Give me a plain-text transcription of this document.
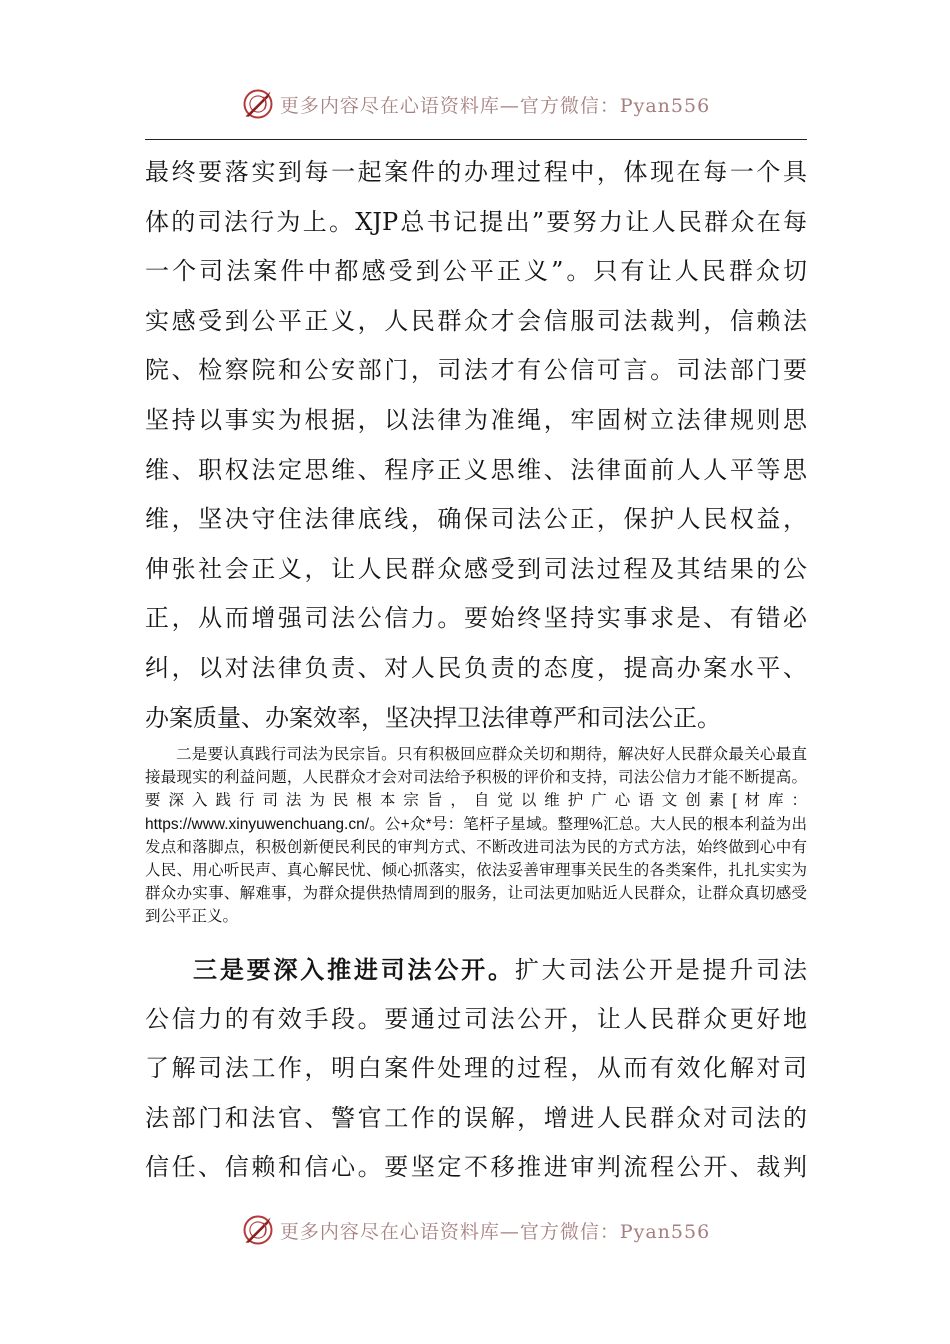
更多内容尽在心语资料库—官方微信：Pyan556
最终要落实到每一起案件的办理过程中，体现在每一个具
体的司法行为上。XJP总书记提出”要努力让人民群众在每
一个司法案件中都感受到公平正义”。只有让人民群众切
实感受到公平正义，人民群众才会信服司法裁判，信赖法
院、检察院和公安部门，司法才有公信可言。司法部门要
坚持以事实为根据，以法律为准绳，牢固树立法律规则思
维、职权法定思维、程序正义思维、法律面前人人平等思
维，坚决守住法律底线，确保司法公正，保护人民权益，
伸张社会正义，让人民群众感受到司法过程及其结果的公
正，从而增强司法公信力。要始终坚持实事求是、有错必
纠，以对法律负责、对人民负责的态度，提高办案水平、
办案质量、办案效率，坚决捍卫法律尊严和司法公正。
二是要认真践行司法为民宗旨。只有积极回应群众关切和期待，解决好人民群众最关心最直接最现实的利益问题，人民群众才会对司法给予积极的评价和支持，司法公信力才能不断提高。要深入践行司法为民根本宗旨，自觉以维护广心语文创素[材库：https://www.xinyuwenchuang.cn/。公+众*号：笔杆子星域。整理%汇总。大人民的根本利益为出发点和落脚点，积极创新便民利民的审判方式、不断改进司法为民的方式方法，始终做到心中有人民、用心听民声、真心解民忧、倾心抓落实，依法妥善审理事关民生的各类案件，扎扎实实为群众办实事、解难事，为群众提供热情周到的服务，让司法更加贴近人民群众，让群众真切感受到公平正义。
三是要深入推进司法公开。扩大司法公开是提升司法
公信力的有效手段。要通过司法公开，让人民群众更好地
了解司法工作，明白案件处理的过程，从而有效化解对司
法部门和法官、警官工作的误解，增进人民群众对司法的
信任、信赖和信心。要坚定不移推进审判流程公开、裁判
更多内容尽在心语资料库—官方微信：Pyan556
